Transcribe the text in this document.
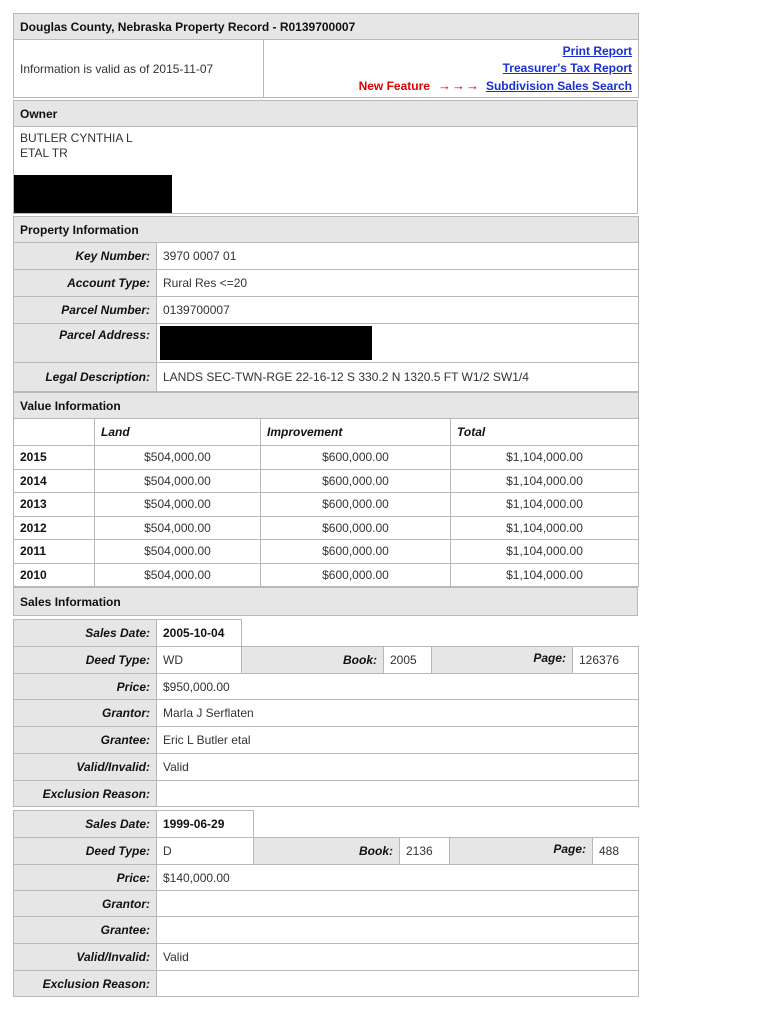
Douglas County, Nebraska Property Record - R0139700007
Information is valid as of 2015-11-07	Print Report
Treasurer's Tax Report
New Feature →→→ Subdivision Sales Search
Owner

BUTLER CYNTHIA L
ETAL TR
Property Information	
Key Number:	3970 0007 01
Account Type:	Rural Res <=20
Parcel Number:	0139700007
Parcel Address:	

Legal Description:	LANDS SEC-TWN-RGE 22-16-12 S 330.2 N 1320.5 FT W1/2 SW1/4
Value Information			
	Land	Improvement	Total
2015	$504,000.00	$600,000.00	$1,104,000.00
2014	$504,000.00	$600,000.00	$1,104,000.00
2013	$504,000.00	$600,000.00	$1,104,000.00
2012	$504,000.00	$600,000.00	$1,104,000.00
2011	$504,000.00	$600,000.00	$1,104,000.00
2010	$504,000.00	$600,000.00	$1,104,000.00
Sales Information
Sales Date:	2005-10-04				
Deed Type:	WD	Book:	2005	Page:	126376
Price:	$950,000.00				
Grantor:	Marla J Serflaten				
Grantee:	Eric L Butler etal				
Valid/Invalid:	Valid				
Exclusion Reason:					
Sales Date:	1999-06-29				
Deed Type:	D	Book:	2136	Page:	488
Price:	$140,000.00				
Grantor:					
Grantee:					
Valid/Invalid:	Valid				
Exclusion Reason:					
